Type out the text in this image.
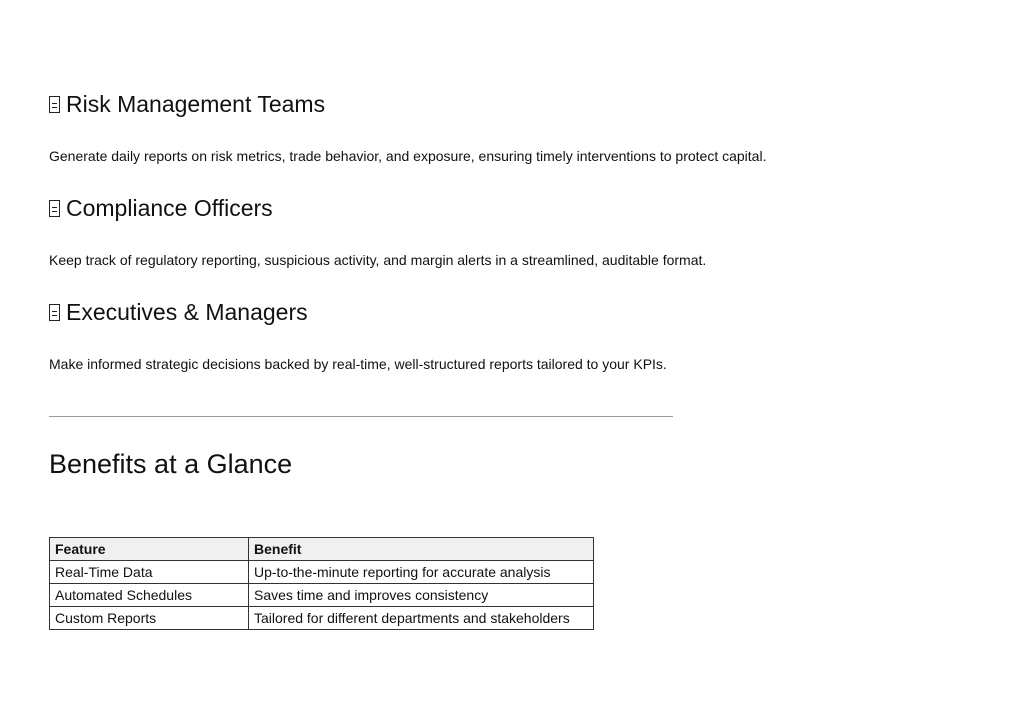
Risk Management Teams

Generate daily reports on risk metrics, trade behavior, and exposure, ensuring timely interventions to protect capital.

Compliance Officers

Keep track of regulatory reporting, suspicious activity, and margin alerts in a streamlined, auditable format.

Executives & Managers

Make informed strategic decisions backed by real-time, well-structured reports tailored to your KPIs.

Benefits at a Glance
Feature	Benefit
Real-Time Data	Up-to-the-minute reporting for accurate analysis
Automated Schedules	Saves time and improves consistency
Custom Reports	Tailored for different departments and stakeholders
